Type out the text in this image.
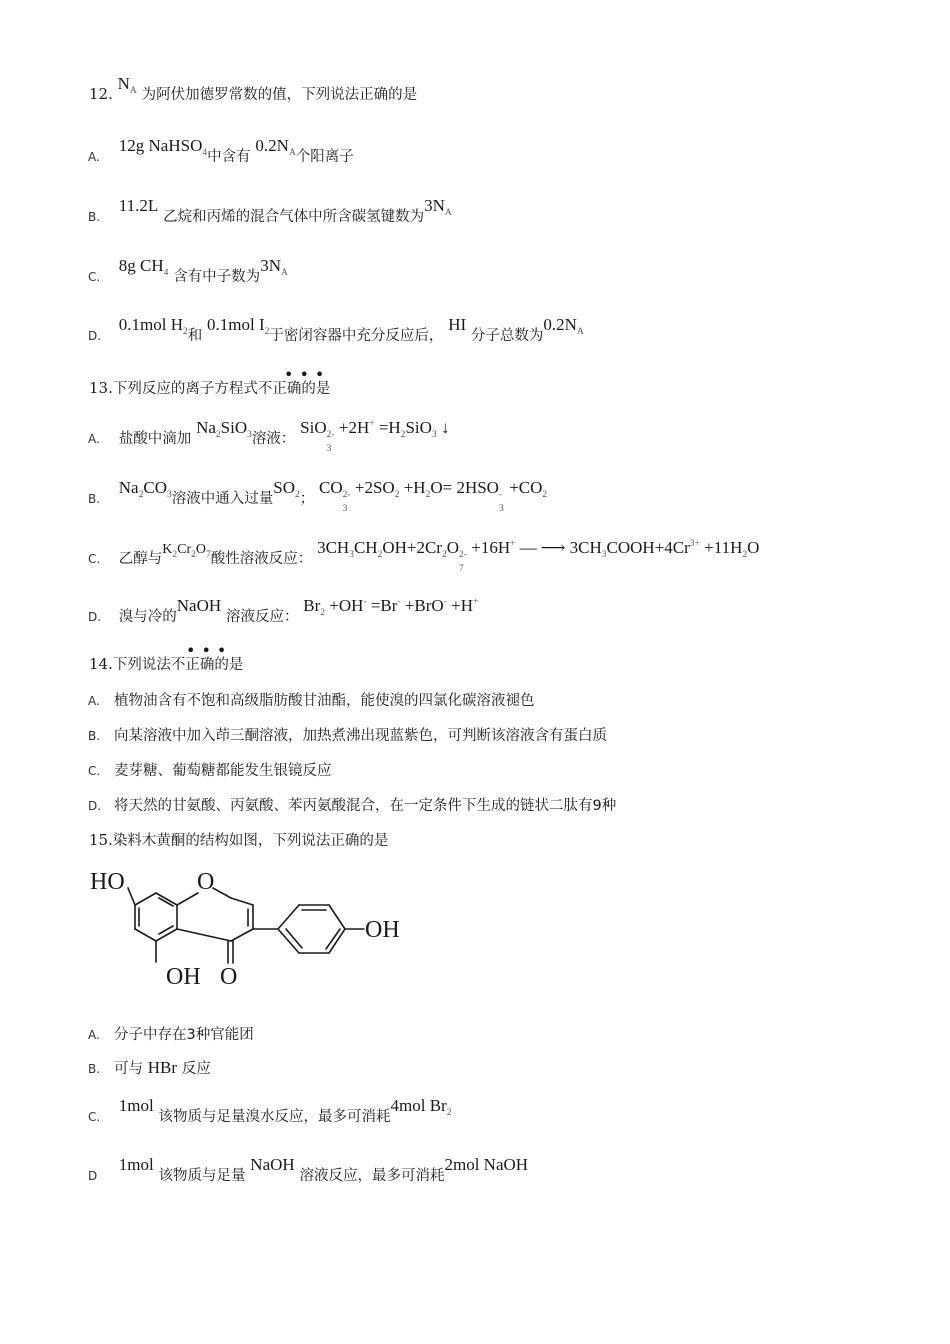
12. $N_A$ 为阿伏加德罗常数的值，下列说法正确的是
A. 12g NaHSO$_4$中含有 $0.2N_A$个阳离子
B. 11.2L 乙烷和丙烯的混合气体中所含碳氢键数为$3N_A$
C. 8g $CH_4$ 含有中子数为$3N_A$
D. 0.1mol $H_2$和 0.1mol $I_2$于密闭容器中充分反应后， HI 分子总数为$0.2N_A$
•••
13.下列反应的离子方程式不正确的是
A. 盐酸中滴加 $Na_2SiO_3$溶液： SiO
3
$2- +2H^+ =H_2SiO_3$ ↓
B. $Na_2CO_3$溶液中通入过量$SO_2$； CO
3
$2- +2SO_2 +H_2O= 2HSO$
3
- $+CO_2$
C. 乙醇与$K_2Cr_2O_7$酸性溶液反应： $3CH_3CH_2OH+2Cr_2O$
7
2- +16H+ — ⟶ $3CH_3COOH+4Cr^{3+} +11H_2O$
D. 溴与冷的NaOH 溶液反应： $Br_2 +OH^- =Br^- +BrO^- +H^+$
•••
14.下列说法不正确的是
A. 植物油含有不饱和高级脂肪酸甘油酯，能使溴的四氯化碳溶液褪色
B. 向某溶液中加入茚三酮溶液，加热煮沸出现蓝紫色，可判断该溶液含有蛋白质
C. 麦芽糖、葡萄糖都能发生银镜反应
D. 将天然的甘氨酸、丙氨酸、苯丙氨酸混合，在一定条件下生成的链状二肽有9种
15.染料木黄酮的结构如图，下列说法正确的是
HO	O
OH
OH O
A. 分子中存在3种官能团
B. 可与 HBr 反应
C. 1mol 该物质与足量溴水反应，最多可消耗4mol $Br_2$
D 1mol 该物质与足量 NaOH 溶液反应，最多可消耗2mol NaOH
